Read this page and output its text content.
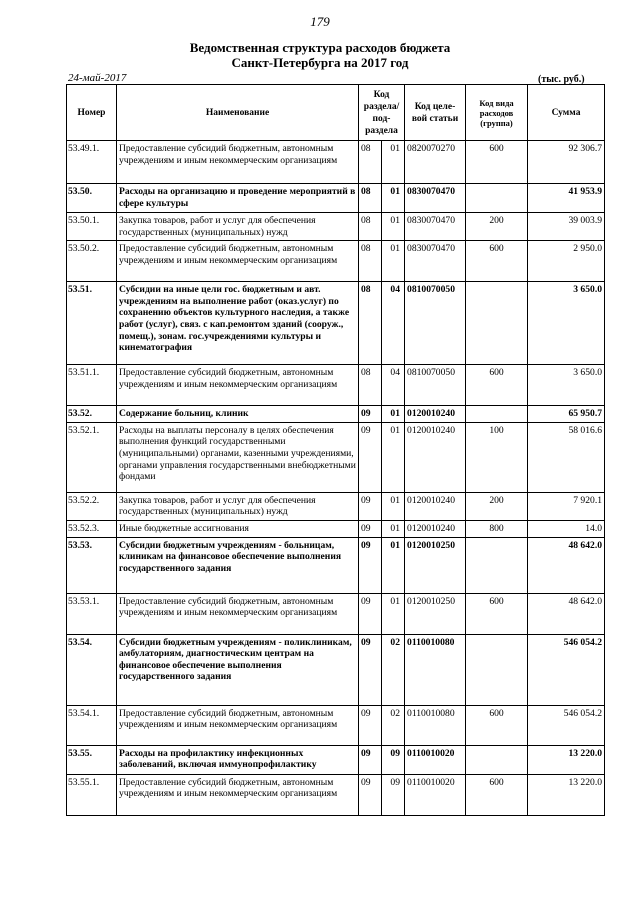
179
Ведомственная структура расходов бюджета
Санкт-Петербурга на 2017 год
24-май-2017	(тыс. руб.)
Номер	Наименование	Код раздела/ под- раздела		Код целе- вой статьи	Код вида расходов (группа)	Сумма
53.49.1.	Предоставление субсидий бюджетным, автономным учреждениям и иным некоммерческим организациям	08	01	0820070270	600	92 306.7
53.50.	Расходы на организацию и проведение мероприятий в сфере культуры	08	01	0830070470		41 953.9
53.50.1.	Закупка товаров, работ и услуг для обеспечения государственных (муниципальных) нужд	08	01	0830070470	200	39 003.9
53.50.2.	Предоставление субсидий бюджетным, автономным учреждениям и иным некоммерческим организациям	08	01	0830070470	600	2 950.0
53.51.	Субсидии на иные цели гос. бюджетным и авт. учреждениям на выполнение работ (оказ.услуг) по сохранению объектов культурного наследия, а также работ (услуг), связ. с кап.ремонтом зданий (сооруж., помещ.), зонам. гос.учреждениями культуры и кинематография	08	04	0810070050		3 650.0
53.51.1.	Предоставление субсидий бюджетным, автономным учреждениям и иным некоммерческим организациям	08	04	0810070050	600	3 650.0
53.52.	Содержание больниц, клиник	09	01	0120010240		65 950.7
53.52.1.	Расходы на выплаты персоналу в целях обеспечения выполнения функций государственными (муниципальными) органами, казенными учреждениями, органами управления государственными внебюджетными фондами	09	01	0120010240	100	58 016.6
53.52.2.	Закупка товаров, работ и услуг для обеспечения государственных (муниципальных) нужд	09	01	0120010240	200	7 920.1
53.52.3.	Иные бюджетные ассигнования	09	01	0120010240	800	14.0
53.53.	Субсидии бюджетным учреждениям - больницам, клиникам на финансовое обеспечение выполнения государственного задания	09	01	0120010250		48 642.0
53.53.1.	Предоставление субсидий бюджетным, автономным учреждениям и иным некоммерческим организациям	09	01	0120010250	600	48 642.0
53.54.	Субсидии бюджетным учреждениям - поликлиникам, амбулаториям, диагностическим центрам на финансовое обеспечение выполнения государственного задания	09	02	0110010080		546 054.2
53.54.1.	Предоставление субсидий бюджетным, автономным учреждениям и иным некоммерческим организациям	09	02	0110010080	600	546 054.2
53.55.	Расходы на профилактику инфекционных заболеваний, включая иммунопрофилактику	09	09	0110010020		13 220.0
53.55.1.	Предоставление субсидий бюджетным, автономным учреждениям и иным некоммерческим организациям	09	09	0110010020	600	13 220.0
